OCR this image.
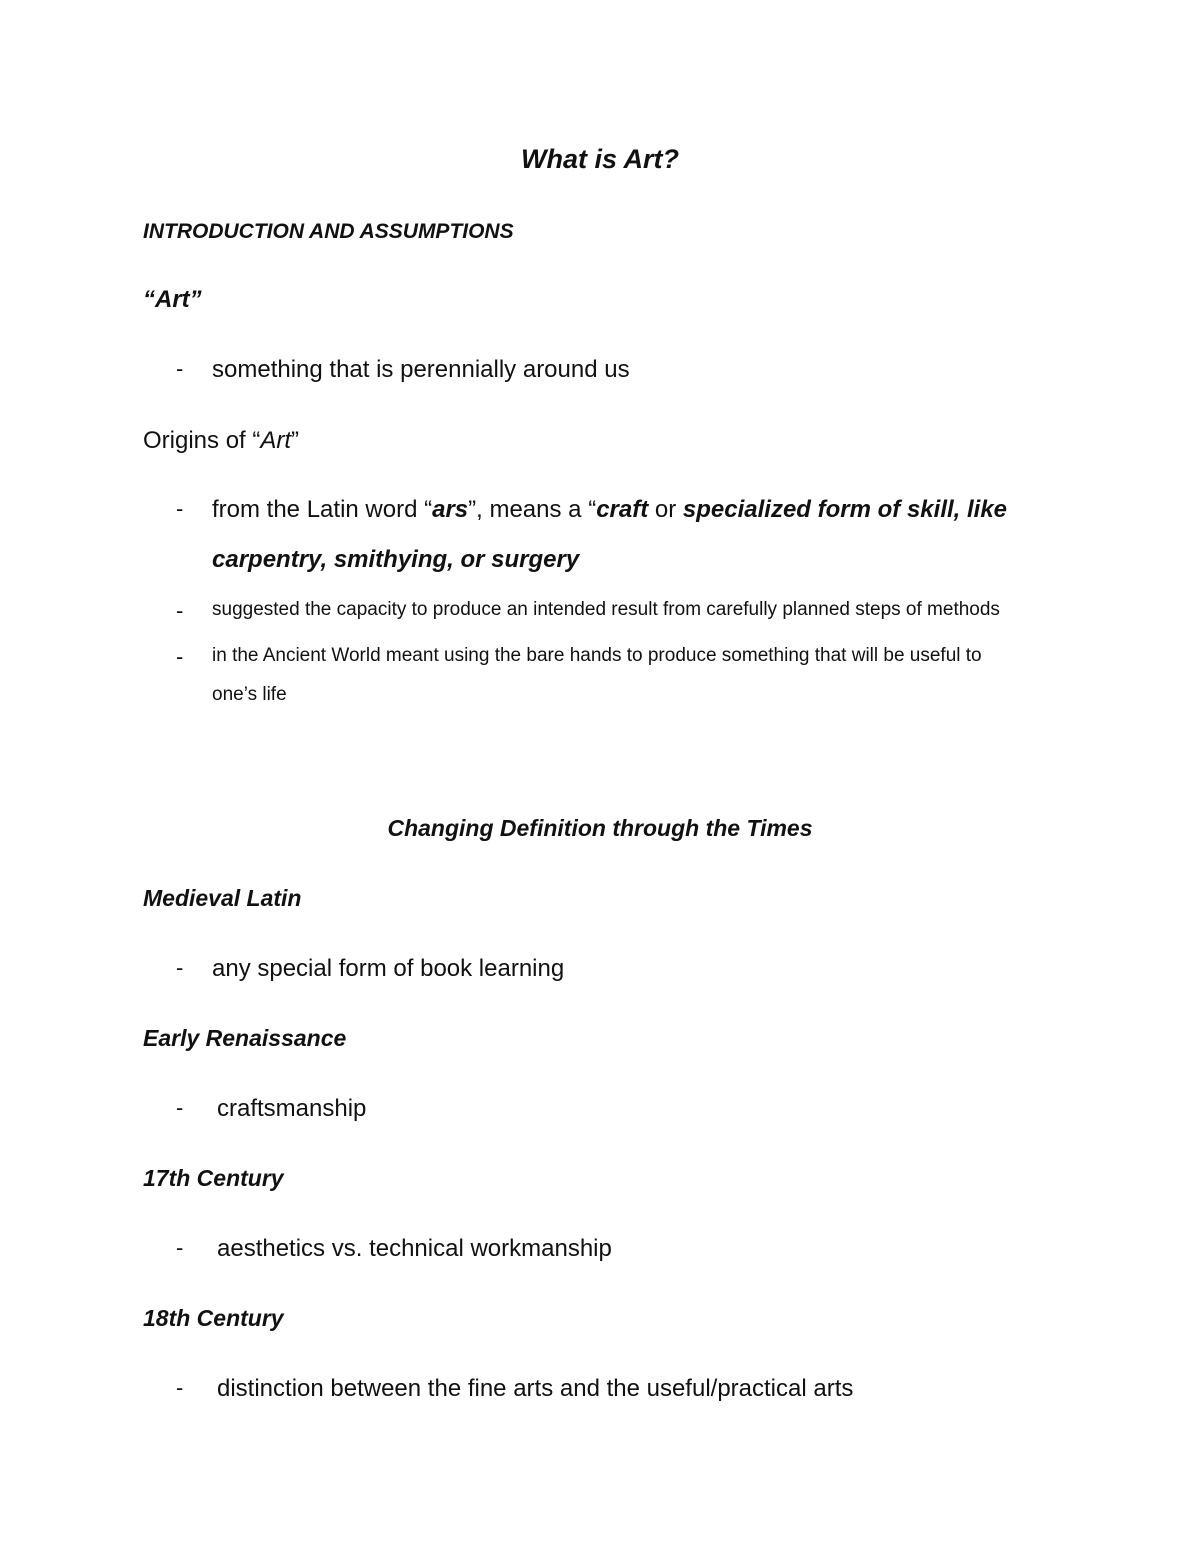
What is Art?
INTRODUCTION AND ASSUMPTIONS
“Art”
- something that is perennially around us
Origins of “Art”
- from the Latin word “ars”, means a “craft or specialized form of skill, like
carpentry, smithying, or surgery
- suggested the capacity to produce an intended result from carefully planned steps of methods
- in the Ancient World meant using the bare hands to produce something that will be useful to
one’s life
Changing Definition through the Times
Medieval Latin
- any special form of book learning
Early Renaissance
- craftsmanship
17th Century
- aesthetics vs. technical workmanship
18th Century
- distinction between the fine arts and the useful/practical arts
